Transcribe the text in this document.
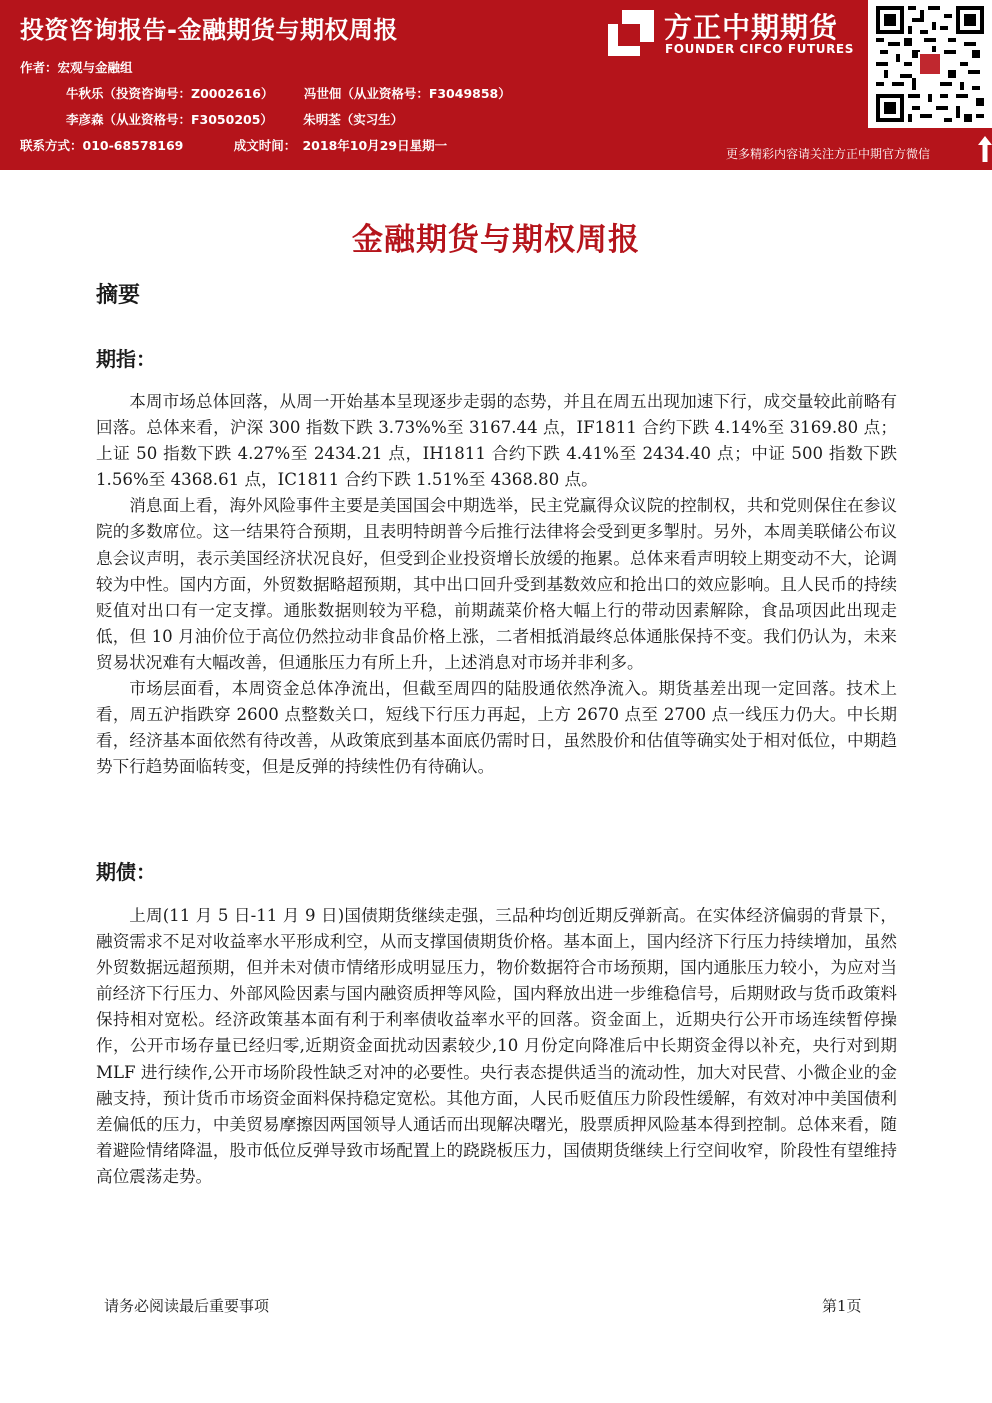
投资咨询报告-金融期货与期权周报
作者：宏观与金融组
牛秋乐（投资咨询号：Z0002616） 冯世佃（从业资格号：F3049858）
李彦森（从业资格号：F3050205） 朱明荃（实习生）
联系方式：010-68578169	成文时间：　2018年10月29日星期一
方正中期期货
FOUNDER CIFCO FUTURES
更多精彩内容请关注方正中期官方微信
金融期货与期权周报
摘要
期指：

本周市场总体回落，从周一开始基本呈现逐步走弱的态势，并且在周五出现加速下行，成交量较此前略有回落。总体来看，沪深 300 指数下跌 3.73%%至 3167.44 点，IF1811 合约下跌 4.14%至 3169.80 点；上证 50 指数下跌 4.27%至 2434.21 点，IH1811 合约下跌 4.41%至 2434.40 点；中证 500 指数下跌 1.56%至 4368.61 点，IC1811 合约下跌 1.51%至 4368.80 点。

消息面上看，海外风险事件主要是美国国会中期选举，民主党赢得众议院的控制权，共和党则保住在参议院的多数席位。这一结果符合预期，且表明特朗普今后推行法律将会受到更多掣肘。另外，本周美联储公布议息会议声明，表示美国经济状况良好，但受到企业投资增长放缓的拖累。总体来看声明较上期变动不大，论调较为中性。国内方面，外贸数据略超预期，其中出口回升受到基数效应和抢出口的效应影响。且人民币的持续贬值对出口有一定支撑。通胀数据则较为平稳，前期蔬菜价格大幅上行的带动因素解除，食品项因此出现走低，但 10 月油价位于高位仍然拉动非食品价格上涨，二者相抵消最终总体通胀保持不变。我们仍认为，未来贸易状况难有大幅改善，但通胀压力有所上升，上述消息对市场并非利多。

市场层面看，本周资金总体净流出，但截至周四的陆股通依然净流入。期货基差出现一定回落。技术上看，周五沪指跌穿 2600 点整数关口，短线下行压力再起，上方 2670 点至 2700 点一线压力仍大。中长期看，经济基本面依然有待改善，从政策底到基本面底仍需时日，虽然股价和估值等确实处于相对低位，中期趋势下行趋势面临转变，但是反弹的持续性仍有待确认。

期债：

上周(11 月 5 日-11 月 9 日)国债期货继续走强，三品种均创近期反弹新高。在实体经济偏弱的背景下，融资需求不足对收益率水平形成利空，从而支撑国债期货价格。基本面上，国内经济下行压力持续增加，虽然外贸数据远超预期，但并未对债市情绪形成明显压力，物价数据符合市场预期，国内通胀压力较小，为应对当前经济下行压力、外部风险因素与国内融资质押等风险，国内释放出进一步维稳信号，后期财政与货币政策料保持相对宽松。经济政策基本面有利于利率债收益率水平的回落。资金面上，近期央行公开市场连续暂停操作，公开市场存量已经归零,近期资金面扰动因素较少,10 月份定向降准后中长期资金得以补充，央行对到期 MLF 进行续作,公开市场阶段性缺乏对冲的必要性。央行表态提供适当的流动性，加大对民营、小微企业的金融支持，预计货币市场资金面料保持稳定宽松。其他方面，人民币贬值压力阶段性缓解，有效对冲中美国债利差偏低的压力，中美贸易摩擦因两国领导人通话而出现解决曙光，股票质押风险基本得到控制。总体来看，随着避险情绪降温，股市低位反弹导致市场配置上的跷跷板压力，国债期货继续上行空间收窄，阶段性有望维持高位震荡走势。

请务必阅读最后重要事项	第1页
